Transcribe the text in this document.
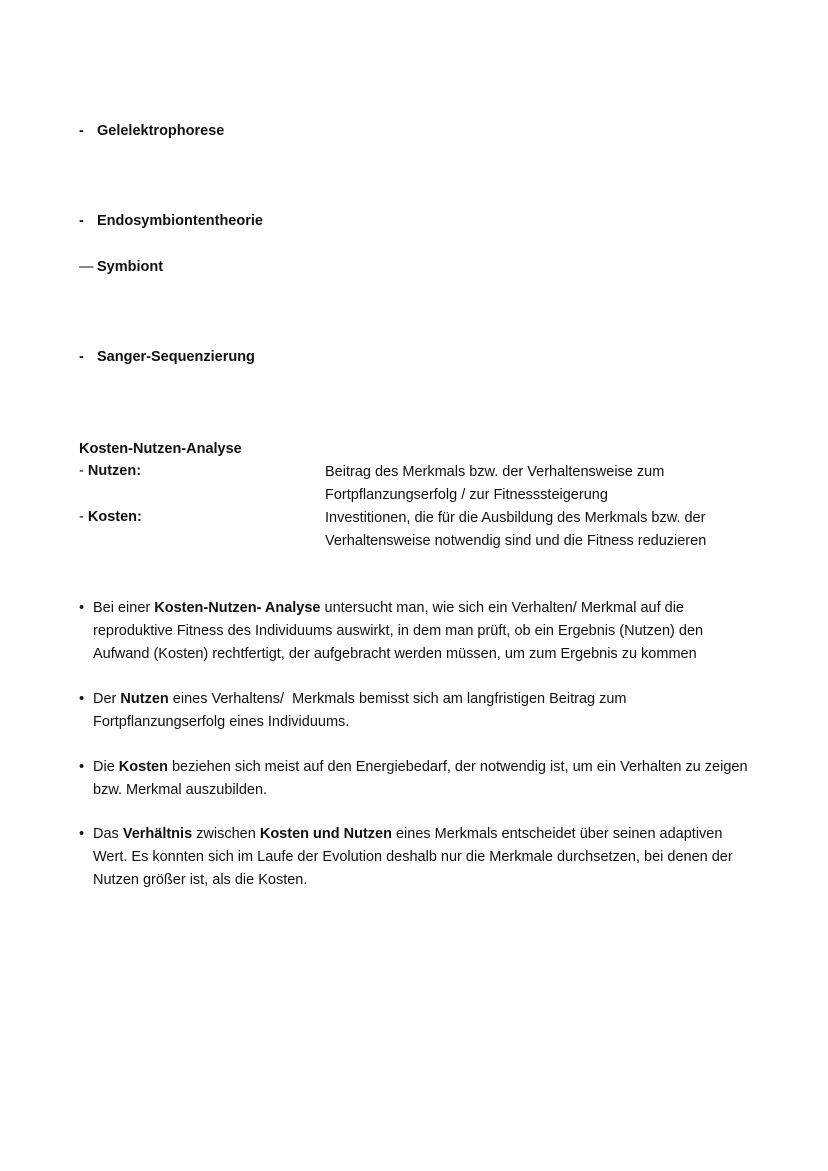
- Gelelektrophorese
- Endosymbiontentheorie
— Symbiont
- Sanger-Sequenzierung
Kosten-Nutzen-Analyse
- Nutzen:	Beitrag des Merkmals bzw. der Verhaltensweise zum Fortpflanzungserfolg / zur Fitnesssteigerung
- Kosten:	Investitionen, die für die Ausbildung des Merkmals bzw. der Verhaltensweise notwendig sind und die Fitness reduzieren
• Bei einer Kosten-Nutzen- Analyse untersucht man, wie sich ein Verhalten/ Merkmal auf die reproduktive Fitness des Individuums auswirkt, in dem man prüft, ob ein Ergebnis (Nutzen) den Aufwand (Kosten) rechtfertigt, der aufgebracht werden müssen, um zum Ergebnis zu kommen
• Der Nutzen eines Verhaltens/  Merkmals bemisst sich am langfristigen Beitrag zum Fortpflanzungserfolg eines Individuums.
• Die Kosten beziehen sich meist auf den Energiebedarf, der notwendig ist, um ein Verhalten zu zeigen bzw. Merkmal auszubilden.
• Das Verhältnis zwischen Kosten und Nutzen eines Merkmals entscheidet über seinen adaptiven Wert. Es konnten sich im Laufe der Evolution deshalb nur die Merkmale durchsetzen, bei denen der Nutzen größer ist, als die Kosten.
